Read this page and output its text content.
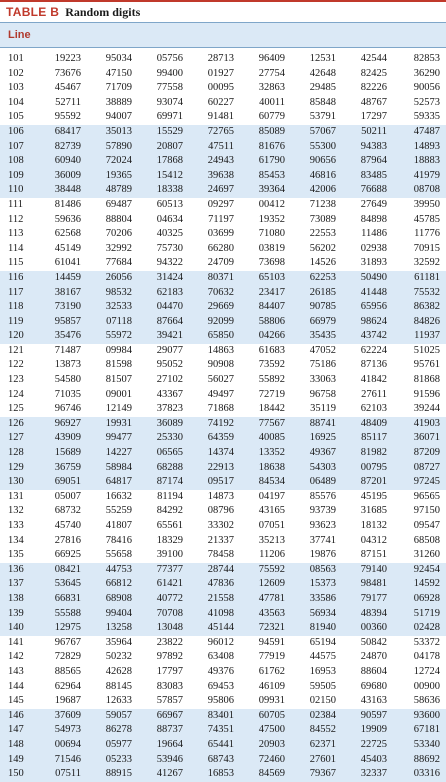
TABLE B Random digits
Line
101	19223	95034	05756	28713	96409	12531	42544	82853
102	73676	47150	99400	01927	27754	42648	82425	36290
103	45467	71709	77558	00095	32863	29485	82226	90056
104	52711	38889	93074	60227	40011	85848	48767	52573
105	95592	94007	69971	91481	60779	53791	17297	59335
106	68417	35013	15529	72765	85089	57067	50211	47487
107	82739	57890	20807	47511	81676	55300	94383	14893
108	60940	72024	17868	24943	61790	90656	87964	18883
109	36009	19365	15412	39638	85453	46816	83485	41979
110	38448	48789	18338	24697	39364	42006	76688	08708
111	81486	69487	60513	09297	00412	71238	27649	39950
112	59636	88804	04634	71197	19352	73089	84898	45785
113	62568	70206	40325	03699	71080	22553	11486	11776
114	45149	32992	75730	66280	03819	56202	02938	70915
115	61041	77684	94322	24709	73698	14526	31893	32592
116	14459	26056	31424	80371	65103	62253	50490	61181
117	38167	98532	62183	70632	23417	26185	41448	75532
118	73190	32533	04470	29669	84407	90785	65956	86382
119	95857	07118	87664	92099	58806	66979	98624	84826
120	35476	55972	39421	65850	04266	35435	43742	11937
121	71487	09984	29077	14863	61683	47052	62224	51025
122	13873	81598	95052	90908	73592	75186	87136	95761
123	54580	81507	27102	56027	55892	33063	41842	81868
124	71035	09001	43367	49497	72719	96758	27611	91596
125	96746	12149	37823	71868	18442	35119	62103	39244
126	96927	19931	36089	74192	77567	88741	48409	41903
127	43909	99477	25330	64359	40085	16925	85117	36071
128	15689	14227	06565	14374	13352	49367	81982	87209
129	36759	58984	68288	22913	18638	54303	00795	08727
130	69051	64817	87174	09517	84534	06489	87201	97245
131	05007	16632	81194	14873	04197	85576	45195	96565
132	68732	55259	84292	08796	43165	93739	31685	97150
133	45740	41807	65561	33302	07051	93623	18132	09547
134	27816	78416	18329	21337	35213	37741	04312	68508
135	66925	55658	39100	78458	11206	19876	87151	31260
136	08421	44753	77377	28744	75592	08563	79140	92454
137	53645	66812	61421	47836	12609	15373	98481	14592
138	66831	68908	40772	21558	47781	33586	79177	06928
139	55588	99404	70708	41098	43563	56934	48394	51719
140	12975	13258	13048	45144	72321	81940	00360	02428
141	96767	35964	23822	96012	94591	65194	50842	53372
142	72829	50232	97892	63408	77919	44575	24870	04178
143	88565	42628	17797	49376	61762	16953	88604	12724
144	62964	88145	83083	69453	46109	59505	69680	00900
145	19687	12633	57857	95806	09931	02150	43163	58636
146	37609	59057	66967	83401	60705	02384	90597	93600
147	54973	86278	88737	74351	47500	84552	19909	67181
148	00694	05977	19664	65441	20903	62371	22725	53340
149	71546	05233	53946	68743	72460	27601	45403	88692
150	07511	88915	41267	16853	84569	79367	32337	03316
